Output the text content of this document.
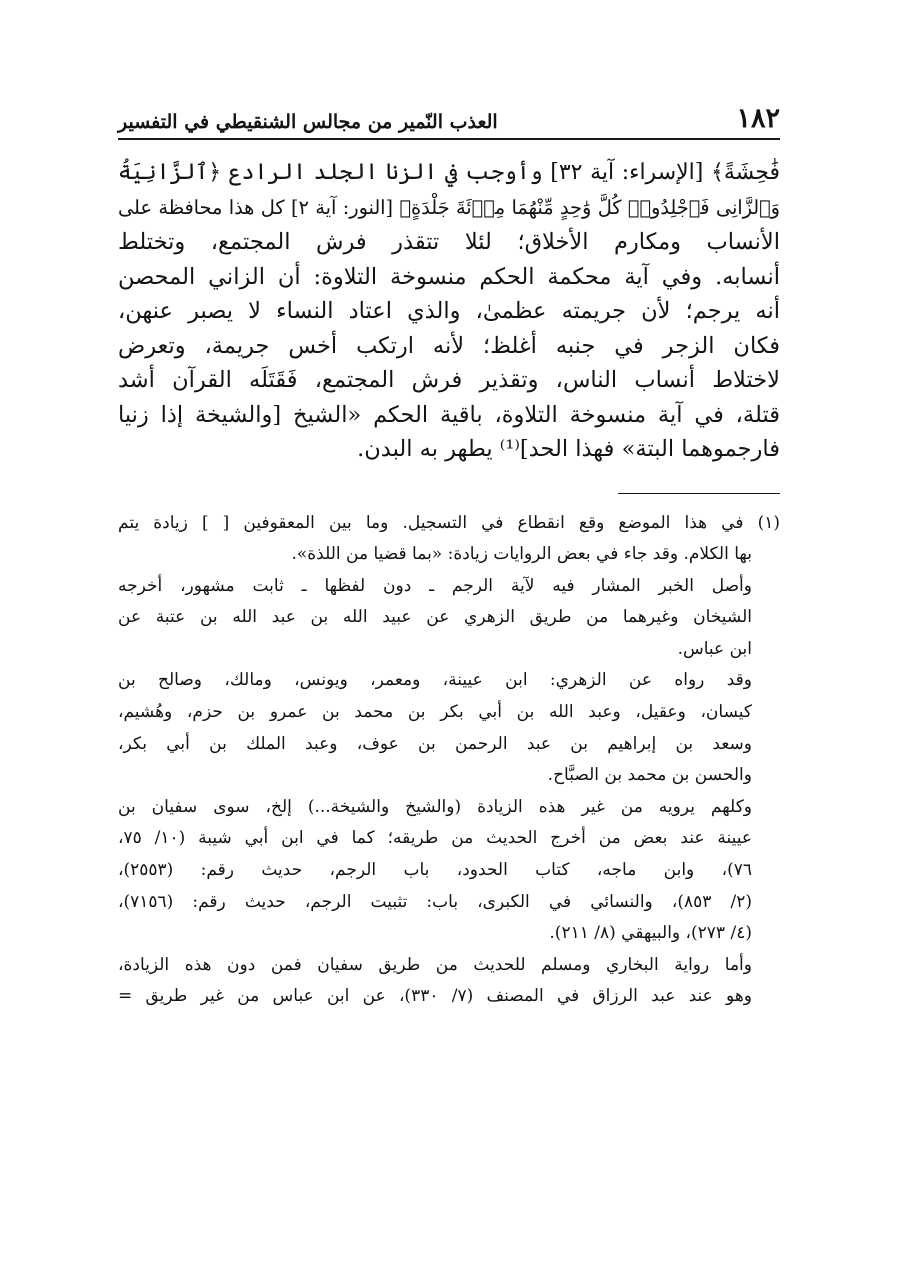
١٨٢
العذب النّمير من مجالس الشنقيطي في التفسير
فَٰحِشَةً﴾ [الإسراء: آية ٣٢] وأوجب في الزنا الجلد الرادع ﴿ٱلزَّانِيَةُ
وَٱلزَّانِى فَٱجْلِدُوا۟ كُلَّ وَٰحِدٍ مِّنْهُمَا مِا۟ئَةَ جَلْدَةٍ﴾ [النور: آية ٢] كل هذا محافظة على
الأنساب ومكارم الأخلاق؛ لئلا تتقذر فرش المجتمع، وتختلط
أنسابه. وفي آية محكمة الحكم منسوخة التلاوة: أن الزاني المحصن
أنه يرجم؛ لأن جريمته عظمىٰ، والذي اعتاد النساء لا يصبر عنهن،
فكان الزجر في جنبه أغلظ؛ لأنه ارتكب أخس جريمة، وتعرض
لاختلاط أنساب الناس، وتقذير فرش المجتمع، فَقَتَلَه القرآن أشد
قتلة، في آية منسوخة التلاوة، باقية الحكم «الشيخ [والشيخة إذا زنيا
فارجموهما البتة» فهذا الحد]⁽¹⁾ يطهر به البدن.
(١) في هذا الموضع وقع انقطاع في التسجيل. وما بين المعقوفين [ ] زيادة يتم
بها الكلام. وقد جاء في بعض الروايات زيادة: «بما قضيا من اللذة».
وأصل الخبر المشار فيه لآية الرجم ـ دون لفظها ـ ثابت مشهور، أخرجه
الشيخان وغيرهما من طريق الزهري عن عبيد الله بن عبد الله بن عتبة عن
ابن عباس.
وقد رواه عن الزهري: ابن عيينة، ومعمر، ويونس، ومالك، وصالح بن
كيسان، وعقيل، وعبد الله بن أبي بكر بن محمد بن عمرو بن حزم، وهُشيم،
وسعد بن إبراهيم بن عبد الرحمن بن عوف، وعبد الملك بن أبي بكر،
والحسن بن محمد بن الصبَّاح.
وكلهم يرويه من غير هذه الزيادة (والشيخ والشيخة...) إلخ، سوى سفيان بن
عيينة عند بعض من أخرج الحديث من طريقه؛ كما في ابن أبي شيبة (١٠/ ٧٥،
٧٦)، وابن ماجه، كتاب الحدود، باب الرجم، حديث رقم: (٢٥٥٣)،
(٢/ ٨٥٣)، والنسائي في الكبرى، باب: تثبيت الرجم، حديث رقم: (٧١٥٦)،
(٤/ ٢٧٣)، والبيهقي (٨/ ٢١١).
وأما رواية البخاري ومسلم للحديث من طريق سفيان فمن دون هذه الزيادة،
وهو عند عبد الرزاق في المصنف (٧/ ٣٣٠)، عن ابن عباس من غير طريق =
